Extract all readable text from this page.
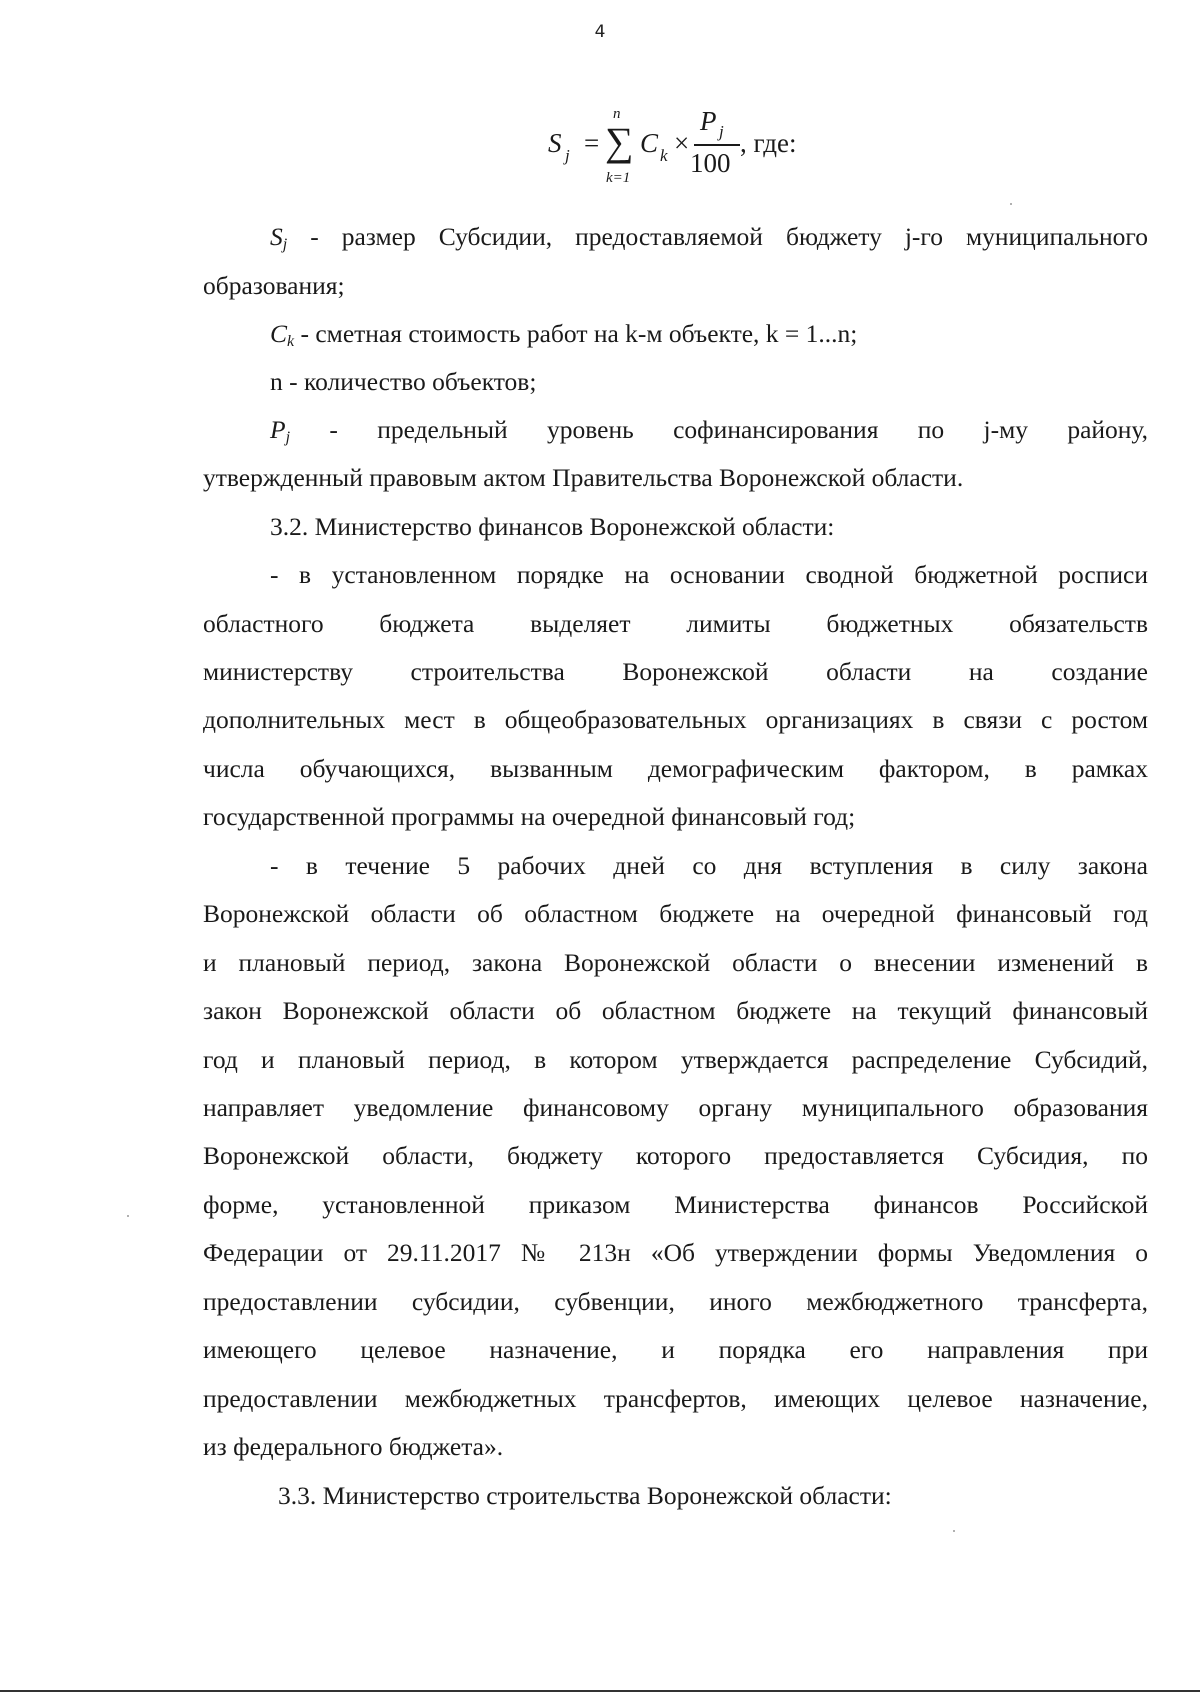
4
S j =
n
∑
k=1
C k ×
P j
100
, где:
$S_j$ - размер Субсидии, предоставляемой бюджету j-го муниципального
образования;
$C_k$ - сметная стоимость работ на k-м объекте, k = 1...n;
n - количество объектов;
$P_j$ - предельный уровень софинансирования по j-му району,
утвержденный правовым актом Правительства Воронежской области.
3.2. Министерство финансов Воронежской области:
- в установленном порядке на основании сводной бюджетной росписи
областного бюджета выделяет лимиты бюджетных обязательств
министерству строительства Воронежской области на создание
дополнительных мест в общеобразовательных организациях в связи с ростом
числа обучающихся, вызванным демографическим фактором, в рамках
государственной программы на очередной финансовый год;
- в течение 5 рабочих дней со дня вступления в силу закона
Воронежской области об областном бюджете на очередной финансовый год
и плановый период, закона Воронежской области о внесении изменений в
закон Воронежской области об областном бюджете на текущий финансовый
год и плановый период, в котором утверждается распределение Субсидий,
направляет уведомление финансовому органу муниципального образования
Воронежской области, бюджету которого предоставляется Субсидия, по
форме, установленной приказом Министерства финансов Российской
Федерации от 29.11.2017 № 213н «Об утверждении формы Уведомления о
предоставлении субсидии, субвенции, иного межбюджетного трансферта,
имеющего целевое назначение, и порядка его направления при
предоставлении межбюджетных трансфертов, имеющих целевое назначение,
из федерального бюджета».
3.3. Министерство строительства Воронежской области:
